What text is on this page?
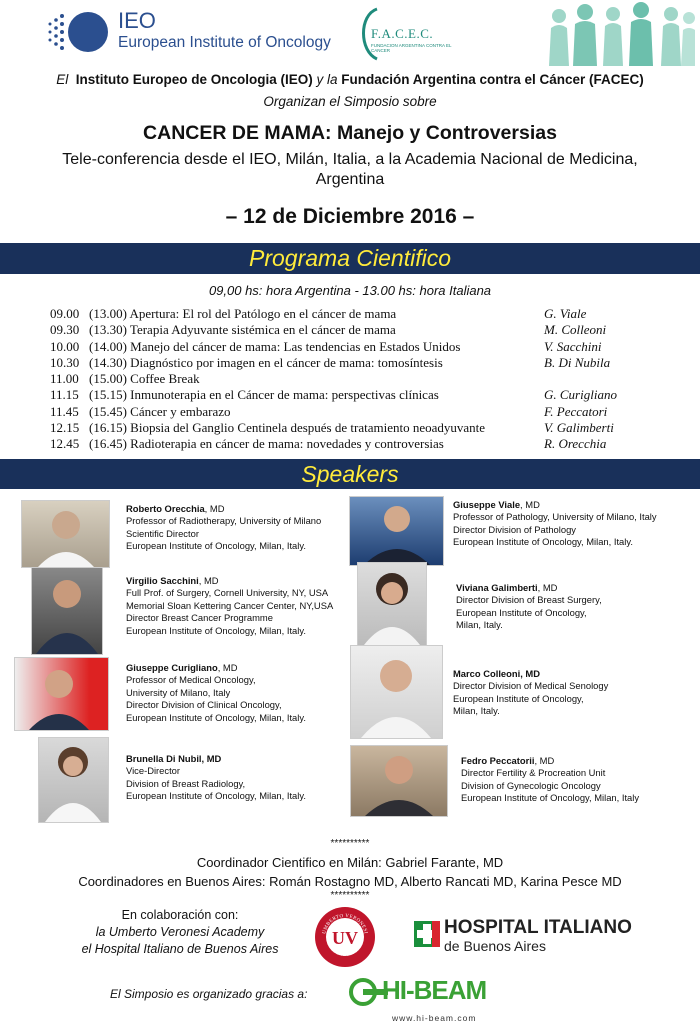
IEO
European Institute of Oncology
F.A.C.E.C.
FUNDACION ARGENTINA CONTRA EL CANCER
El Instituto Europeo de Oncologia (IEO) y la Fundación Argentina contra el Cáncer (FACEC)
Organizan el Simposio sobre
CANCER DE MAMA: Manejo y Controversias
Tele-conferencia desde el IEO, Milán, Italia, a la Academia Nacional de Medicina, Argentina
– 12 de Diciembre 2016 –
Programa Cientifico
09,00 hs: hora Argentina - 13.00 hs: hora Italiana
09.00 (13.00) Apertura: El rol del Patólogo en el cáncer de mama	G. Viale
09.30 (13.30) Terapia Adyuvante sistémica en el cáncer de mama	M. Colleoni
10.00 (14.00) Manejo del cáncer de mama: Las tendencias en Estados Unidos	V. Sacchini
10.30 (14.30) Diagnóstico por imagen en el cáncer de mama: tomosíntesis	B. Di Nubila
11.00 (15.00) Coffee Break
11.15 (15.15) Inmunoterapia en el Cáncer de mama: perspectivas clínicas	G. Curigliano
11.45 (15.45) Cáncer y embarazo	F. Peccatori
12.15 (16.15) Biopsia del Ganglio Centinela después de tratamiento neoadyuvante	V. Galimberti
12.45 (16.45) Radioterapia en cáncer de mama: novedades y controversias	R. Orecchia
Speakers
Roberto Orecchia, MD
Professor of Radiotherapy, University of Milano
Scientific Director
European Institute of Oncology, Milan, Italy.
Giuseppe Viale, MD
Professor of Pathology, University of Milano, Italy
Director Division of Pathology
European Institute of Oncology, Milan, Italy.
Virgilio Sacchini, MD
Full Prof. of Surgery, Cornell University, NY, USA
Memorial Sloan Kettering Cancer Center, NY,USA
Director Breast Cancer Programme
European Institute of Oncology, Milan, Italy.
Viviana Galimberti, MD
Director Division of Breast Surgery,
European Institute of Oncology,
Milan, Italy.
Giuseppe Curigliano, MD
Professor of Medical Oncology,
University of Milano, Italy
Director Division of Clinical Oncology,
European Institute of Oncology, Milan, Italy.
Marco Colleoni, MD
Director Division of Medical Senology
European Institute of Oncology,
Milan, Italy.
Brunella Di Nubil, MD
Vice-Director
Division of Breast Radiology,
European Institute of Oncology, Milan, Italy.
Fedro Peccatorii, MD
Director Fertility & Procreation Unit
Division of Gynecologic Oncology
European Institute of Oncology, Milan, Italy
**********
Coordinador Cientifico en Milán: Gabriel Farante, MD
Coordinadores en Buenos Aires: Román Rostagno MD, Alberto Rancati MD, Karina Pesce MD
**********
En colaboración con:
la Umberto Veronesi Academy
el Hospital Italiano de Buenos Aires
UMBERTO VERONESI
ACADEMY
UV	HOSPITAL ITALIANO
de Buenos Aires
El Simposio es organizado gracias a:	HI-BEAM
www.hi-beam.com
